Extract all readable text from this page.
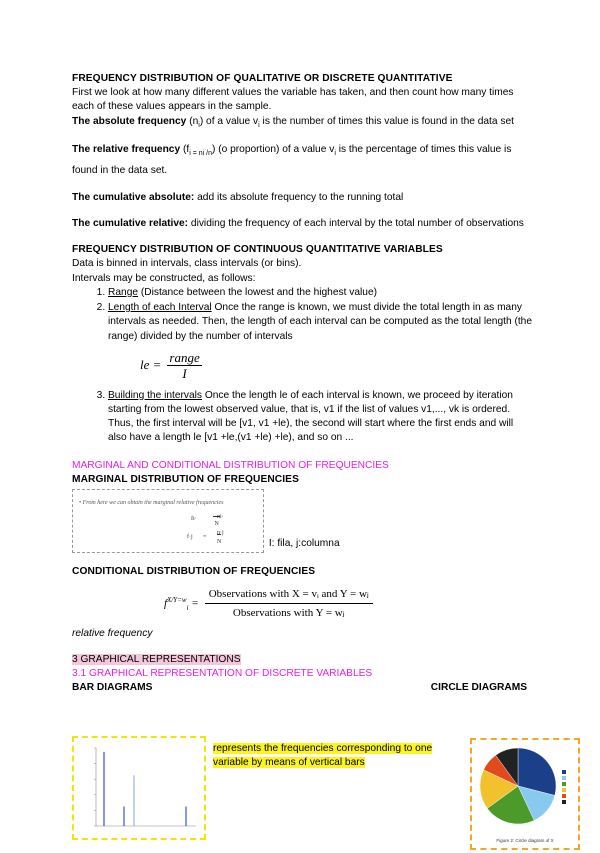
FREQUENCY DISTRIBUTION OF QUALITATIVE OR DISCRETE QUANTITATIVE

First we look at how many different values the variable has taken, and then count how many times each of these values appears in the sample.

The absolute frequency $(n_i)$ of a value $v_i$ is the number of times this value is found in the data set

The relative frequency $(f_{i = ni /n})$ (o proportion) of a value $v_i$ is the percentage of times this value is found in the data set.

The cumulative absolute: add its absolute frequency to the running total

The cumulative relative: dividing the frequency of each interval by the total number of observations

FREQUENCY DISTRIBUTION OF CONTINUOUS QUANTITATIVE VARIABLES

Data is binned in intervals, class intervals (or bins).

Intervals may be constructed, as follows:

1. Range (Distance between the lowest and the highest value)
2. Length of each Interval Once the range is known, we must divide the total length in as many intervals as needed. Then, the length of each interval can be computed as the total length (the range) divided by the number of intervals
le = $\frac{\text{range}}{I}$
3. Building the intervals Once the length le of each interval is known, we proceed by iteration starting from the lowest observed value, that is, v1 if the list of values v1,..., vk is ordered. Thus, the first interval will be [v1, v1 +le), the second will start where the first ends and will also have a length le [v1 +le,(v1 +le) +le), and so on ...

MARGINAL AND CONDITIONAL DISTRIBUTION OF FREQUENCIES

MARGINAL DISTRIBUTION OF FREQUENCIES

• From here we can obtain the marginal relative frequencies
fi·	ni·
N
f·j =
n·j
N	I: fila, j:columna

CONDITIONAL DISTRIBUTION OF FREQUENCIES

$f^{X/Y=w}_i = \frac{\text{Observations with X = vᵢ and Y = wⱼ}}{\text{Observations with Y = wⱼ}}$

relative frequency

3 GRAPHICAL REPRESENTATIONS

3.1 GRAPHICAL REPRESENTATION OF DISCRETE VARIABLES

BAR DIAGRAMS	CIRCLE DIAGRAMS
represents the frequencies corresponding to one variable by means of vertical bars
Figure 2: Circle diagram of X
